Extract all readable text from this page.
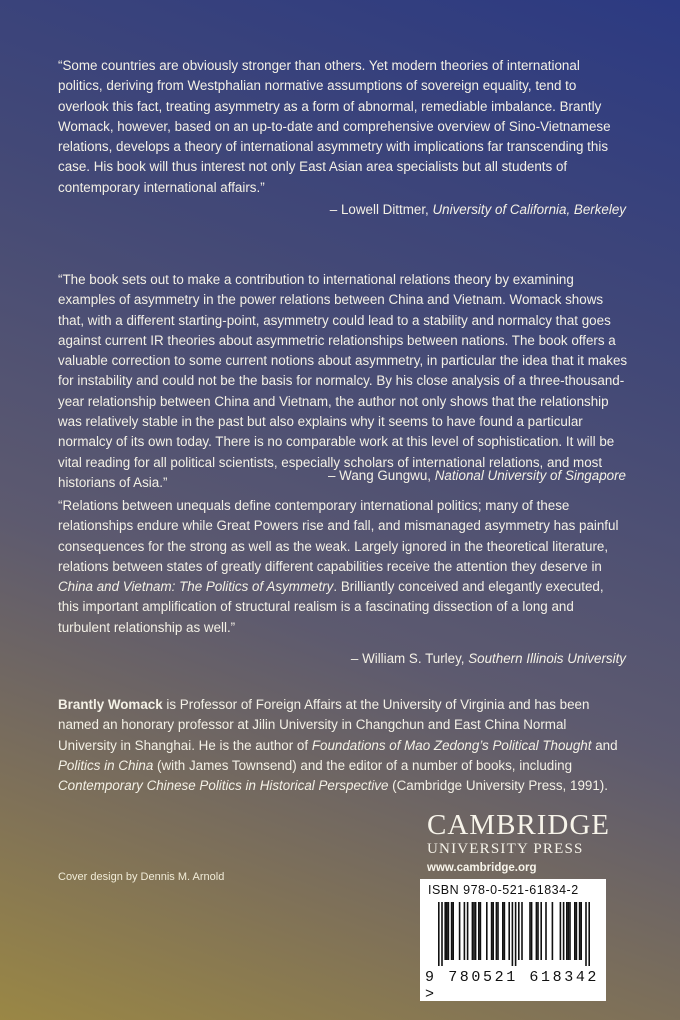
“Some countries are obviously stronger than others. Yet modern theories of international politics, deriving from Westphalian normative assumptions of sovereign equality, tend to overlook this fact, treating asymmetry as a form of abnormal, remediable imbalance. Brantly Womack, however, based on an up-to-date and comprehensive overview of Sino-Vietnamese relations, develops a theory of international asymmetry with implications far transcending this case. His book will thus interest not only East Asian area specialists but all students of contemporary international affairs.”

– Lowell Dittmer, University of California, Berkeley

“The book sets out to make a contribution to international relations theory by examining examples of asymmetry in the power relations between China and Vietnam. Womack shows that, with a different starting-point, asymmetry could lead to a stability and normalcy that goes against current IR theories about asymmetric relationships between nations. The book offers a valuable correction to some current notions about asymmetry, in particular the idea that it makes for instability and could not be the basis for normalcy. By his close analysis of a three-thousand-year relationship between China and Vietnam, the author not only shows that the relationship was relatively stable in the past but also explains why it seems to have found a particular normalcy of its own today. There is no comparable work at this level of sophistication. It will be vital reading for all political scientists, especially scholars of international relations, and most historians of Asia.”	– Wang Gungwu, National University of Singapore

“Relations between unequals define contemporary international politics; many of these relationships endure while Great Powers rise and fall, and mismanaged asymmetry has painful consequences for the strong as well as the weak. Largely ignored in the theoretical literature, relations between states of greatly different capabilities receive the attention they deserve in China and Vietnam: The Politics of Asymmetry. Brilliantly conceived and elegantly executed, this important amplification of structural realism is a fascinating dissection of a long and turbulent relationship as well.”

– William S. Turley, Southern Illinois University

Brantly Womack is Professor of Foreign Affairs at the University of Virginia and has been named an honorary professor at Jilin University in Changchun and East China Normal University in Shanghai. He is the author of Foundations of Mao Zedong’s Political Thought and Politics in China (with James Townsend) and the editor of a number of books, including Contemporary Chinese Politics in Historical Perspective (Cambridge University Press, 1991).

CAMBRIDGE
UNIVERSITY PRESS
www.cambridge.org
Cover design by Dennis M. Arnold
ISBN 978-0-521-61834-2
9 780521 618342 >
